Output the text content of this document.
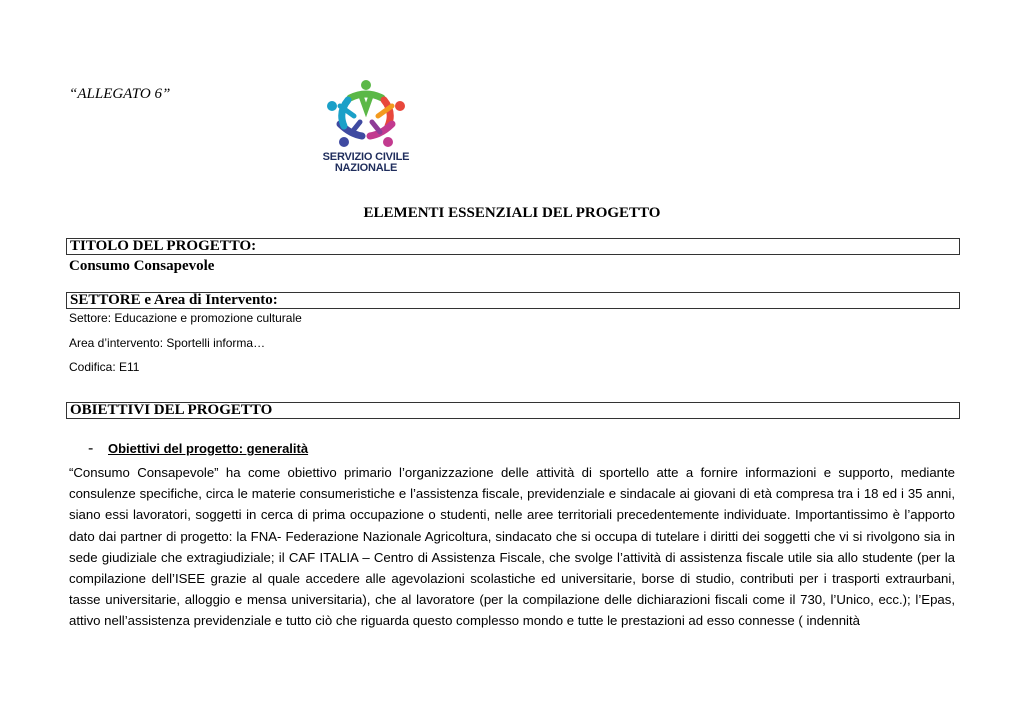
“ALLEGATO 6”
SERVIZIO CIVILE
NAZIONALE
ELEMENTI ESSENZIALI DEL PROGETTO
TITOLO DEL PROGETTO:
Consumo Consapevole
SETTORE e Area di Intervento:
Settore: Educazione e promozione culturale
Area d’intervento: Sportelli informa…
Codifica: E11
OBIETTIVI DEL PROGETTO
- Obiettivi del progetto: generalità

“Consumo Consapevole” ha come obiettivo primario l’organizzazione delle attività di sportello atte a fornire informazioni e supporto, mediante consulenze specifiche, circa le materie consumeristiche e l’assistenza fiscale, previdenziale e sindacale ai giovani di età compresa tra i 18 ed i 35 anni, siano essi lavoratori, soggetti in cerca di prima occupazione o studenti, nelle aree territoriali precedentemente individuate. Importantissimo è l’apporto dato dai partner di progetto: la FNA- Federazione Nazionale Agricoltura, sindacato che si occupa di tutelare i diritti dei soggetti che vi si rivolgono sia in sede giudiziale che extragiudiziale; il CAF ITALIA – Centro di Assistenza Fiscale, che svolge l’attività di assistenza fiscale utile sia allo studente (per la compilazione dell’ISEE grazie al quale accedere alle agevolazioni scolastiche ed universitarie, borse di studio, contributi per i trasporti extraurbani, tasse universitarie, alloggio e mensa universitaria), che al lavoratore (per la compilazione delle dichiarazioni fiscali come il 730, l’Unico, ecc.); l’Epas, attivo nell’assistenza previdenziale e tutto ciò che riguarda questo complesso mondo e tutte le prestazioni ad esso connesse ( indennità
